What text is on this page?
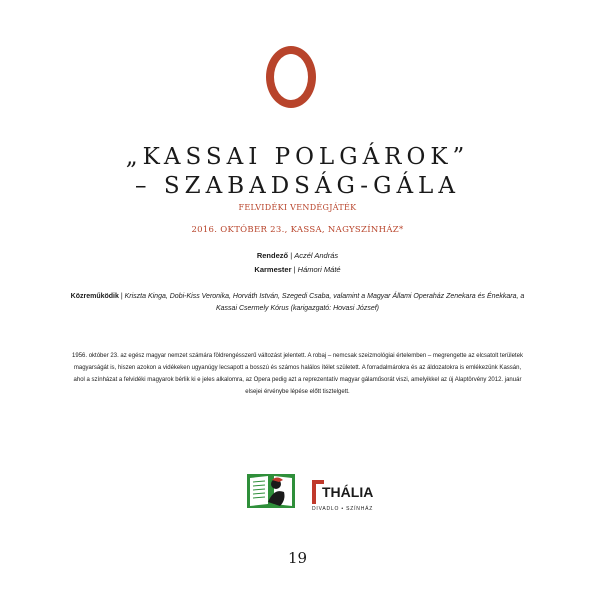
„KASSAI POLGÁROK”
– SZABADSÁG-GÁLA
FELVIDÉKI VENDÉGJÁTÉK
2016. OKTÓBER 23., KASSA, NAGYSZÍNHÁZ*
Rendező | Aczél András
Karmester | Hámori Máté
Közreműködik | Kriszta Kinga, Dobi-Kiss Veronika, Horváth István, Szegedi Csaba, valamint a Magyar Állami Operaház Zenekara és Énekkara, a Kassai Csermely Kórus (karigazgató: Hovasi József)
1956. október 23. az egész magyar nemzet számára földrengésszerű változást jelentett. A robaj – nemcsak szeizmológiai értelemben – megrengette az elcsatolt területek magyarságát is, hiszen azokon a vidékeken ugyanúgy lecsapott a bosszú és számos halálos ítélet született. A forradalmárokra és az áldozatokra is emlékezünk Kassán, ahol a színházat a felvidéki magyarok bérlik ki e jeles alkalomra, az Opera pedig azt a reprezentatív magyar gálaműsorát viszi, amelyikkel az új Alaptörvény 2012. január elsejei érvénybe lépése előtt tisztelgett.
THÁLIA
DIVADLO • SZÍNHÁZ
19
